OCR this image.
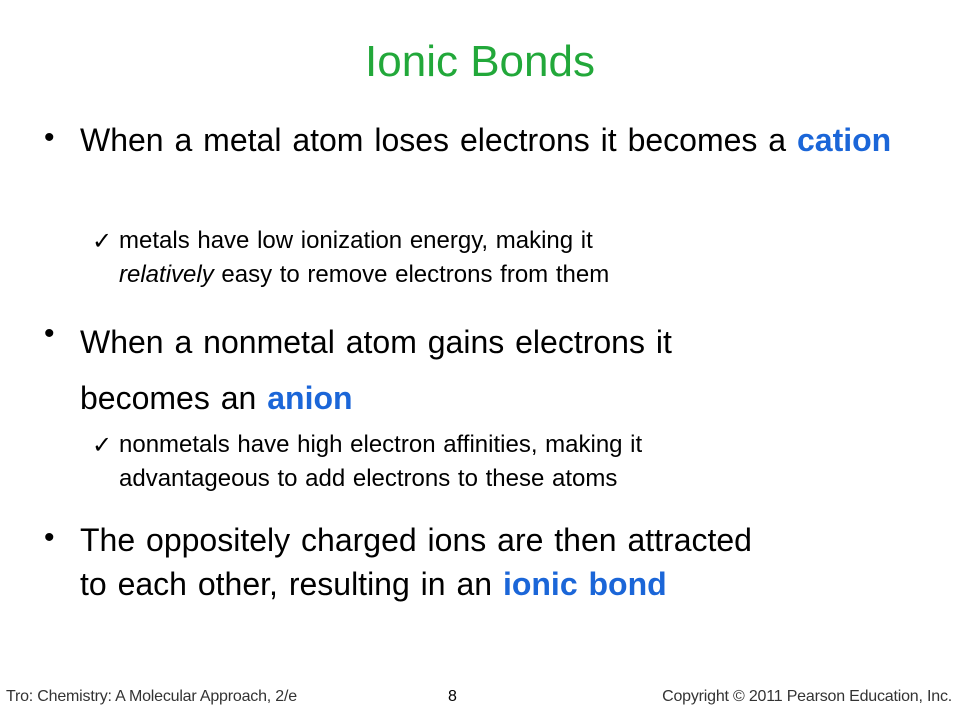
Ionic Bonds
• When a metal atom loses electrons it becomes a cation
✓ metals have low ionization energy, making it
relatively easy to remove electrons from them
• When a nonmetal atom gains electrons it
becomes an anion
✓ nonmetals have high electron affinities, making it
advantageous to add electrons to these atoms
• The oppositely charged ions are then attracted
to each other, resulting in an ionic bond
Tro: Chemistry: A Molecular Approach, 2/e	8	Copyright © 2011 Pearson Education, Inc.
